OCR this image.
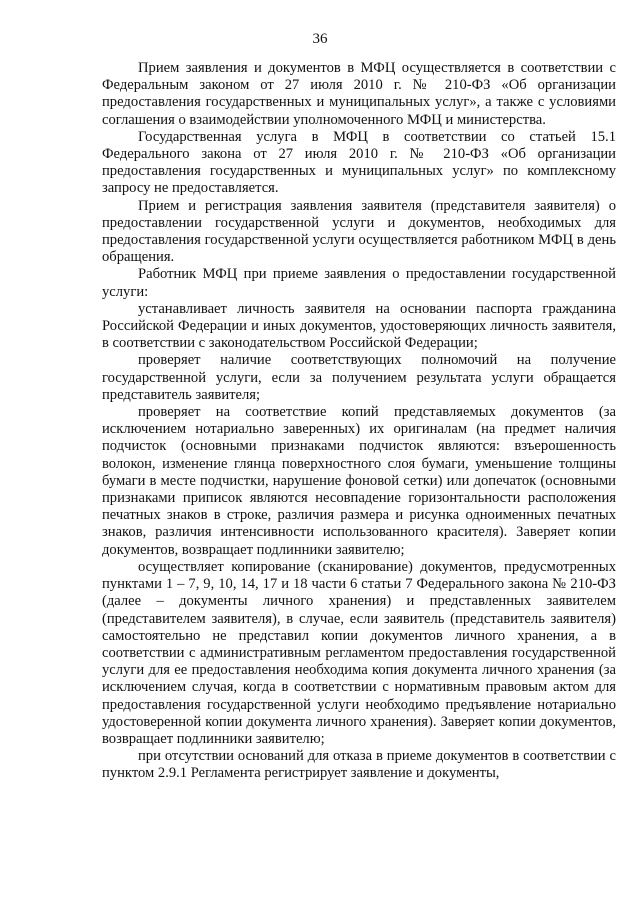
36

Прием заявления и документов в МФЦ осуществляется в соответствии с Федеральным законом от 27 июля 2010 г. № 210-ФЗ «Об организации предоставления государственных и муниципальных услуг», а также с условиями соглашения о взаимодействии уполномоченного МФЦ и министерства.

Государственная услуга в МФЦ в соответствии со статьей 15.1 Федерального закона от 27 июля 2010 г. № 210-ФЗ «Об организации предоставления государственных и муниципальных услуг» по комплексному запросу не предоставляется.

Прием и регистрация заявления заявителя (представителя заявителя) о предоставлении государственной услуги и документов, необходимых для предоставления государственной услуги осуществляется работником МФЦ в день обращения.

Работник МФЦ при приеме заявления о предоставлении государственной услуги:

устанавливает личность заявителя на основании паспорта гражданина Российской Федерации и иных документов, удостоверяющих личность заявителя, в соответствии с законодательством Российской Федерации;

проверяет наличие соответствующих полномочий на получение государственной услуги, если за получением результата услуги обращается представитель заявителя;

проверяет на соответствие копий представляемых документов (за исключением нотариально заверенных) их оригиналам (на предмет наличия подчисток (основными признаками подчисток являются: взъерошенность волокон, изменение глянца поверхностного слоя бумаги, уменьшение толщины бумаги в месте подчистки, нарушение фоновой сетки) или допечаток (основными признаками приписок являются несовпадение горизонтальности расположения печатных знаков в строке, различия размера и рисунка одноименных печатных знаков, различия интенсивности использованного красителя). Заверяет копии документов, возвращает подлинники заявителю;

осуществляет копирование (сканирование) документов, предусмотренных пунктами 1 – 7, 9, 10, 14, 17 и 18 части 6 статьи 7 Федерального закона № 210-ФЗ (далее – документы личного хранения) и представленных заявителем (представителем заявителя), в случае, если заявитель (представитель заявителя) самостоятельно не представил копии документов личного хранения, а в соответствии с административным регламентом предоставления государственной услуги для ее предоставления необходима копия документа личного хранения (за исключением случая, когда в соответствии с нормативным правовым актом для предоставления государственной услуги необходимо предъявление нотариально удостоверенной копии документа личного хранения). Заверяет копии документов, возвращает подлинники заявителю;

при отсутствии оснований для отказа в приеме документов в соответствии с пунктом 2.9.1 Регламента регистрирует заявление и документы,
